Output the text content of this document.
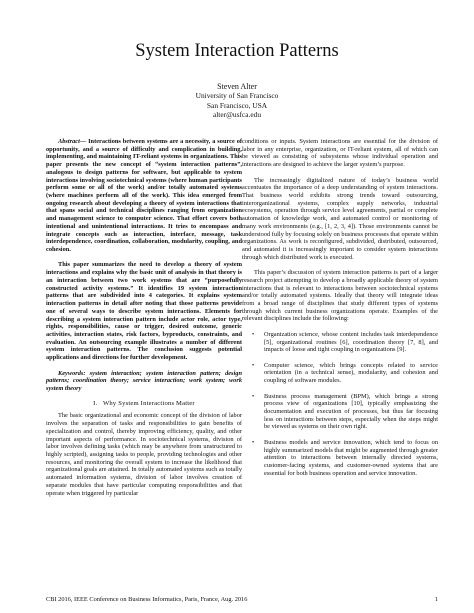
System Interaction Patterns
Steven Alter
University of San Francisco
San Francisco, USA
alter@usfca.edu

Abstract— Interactions between systems are a necessity, a source of opportunity, and a source of difficulty and complication in building, implementing, and maintaining IT-reliant systems in organizations. This paper presents the new concept of “system interaction patterns”, analogous to design patterns for software, but applicable to system interactions involving sociotechnical systems (where human participants perform some or all of the work) and/or totally automated systems (where machines perform all of the work). This idea emerged from ongoing research about developing a theory of system interactions that that spans social and technical disciplines ranging from organization and management science to computer science. That effort covers both intentional and unintentional interactions. It tries to encompass and integrate concepts such as interaction, interface, message, task interdependence, coordination, collaboration, modularity, coupling, and cohesion.

This paper summarizes the need to develop a theory of system interactions and explains why the basic unit of analysis in that theory is an interaction between two work systems that are “purposefully constructed activity systems.” It identifies 19 system interaction patterns that are subdivided into 4 categories. It explains system interaction patterns in detail after noting that those patterns provide one of several ways to describe system interactions. Elements for describing a system interaction pattern include actor role, actor type, rights, responsibilities, cause or trigger, desired outcome, generic activities, interaction states, risk factors, byproducts, constraints, and evaluation. An outsourcing example illustrates a number of different system interaction patterns. The conclusion suggests potential applications and directions for further development.

Keywords: system interaction; system interaction pattern; design patterns; coordination theory; service interaction; work system; work system theory

I. Why System Interactions Matter

The basic organizational and economic concept of the division of labor involves the separation of tasks and responsibilities to gain benefits of specialization and control, thereby improving efficiency, quality, and other important aspects of performance. In sociotechnical systems, division of labor involves defining tasks (which may be anywhere from unstructured to highly scripted), assigning tasks to people, providing technologies and other resources, and monitoring the overall system to increase the likelihood that organizational goals are attained. In totally automated systems such as totally automated information systems, division of labor involves creation of separate modules that have particular computing responsibilities and that operate when triggered by particular

conditions or inputs. System interactions are essential for the division of labor in any enterprise, organization, or IT-reliant system, all of which can be viewed as consisting of subsystems whose individual operation and interactions are designed to achieve the larger system’s purpose.

The increasingly digitalized nature of today’s business world accentuates the importance of a deep understanding of system interactions. That business world exhibits strong trends toward outsourcing, interorganizational systems, complex supply networks, industrial ecosystems, operation through service level agreements, partial or complete automation of knowledge work, and automated control or monitoring of many work environments (e.g., [1, 2, 3, 4]). Those environments cannot be understood fully by focusing solely on business processes that operate within organizations. As work is reconfigured, subdivided, distributed, outsourced, and automated it is increasingly important to consider system interactions through which distributed work is executed.

This paper’s discussion of system interaction patterns is part of a larger research project attempting to develop a broadly applicable theory of system interactions that is relevant to interactions between sociotechnical systems and/or totally automated systems. Ideally that theory will integrate ideas from a broad range of disciplines that study different types of systems through which current business organizations operate. Examples of the relevant disciplines include the following:

• Organization science, whose content includes task interdependence [5], organizational routines [6], coordination theory [7, 8], and impacts of loose and tight coupling in organizations [9].
• Computer science, which brings concepts related to service orientation (in a technical sense), modularity, and cohesion and coupling of software modules.
• Business process management (BPM), which brings a strong process view of organizations [10], typically emphasizing the documentation and execution of processes, but thus far focusing less on interactions between steps, especially when the steps might be viewed as systems on their own right.
• Business models and service innovation, which tend to focus on highly summarized models that might be augmented through greater attention to interactions between internally directed systems, customer-facing systems, and customer-owned systems that are essential for both business operation and service innovation.
CBI 2016, IEEE Conference on Business Informatics, Paris, France, Aug. 2016	1
